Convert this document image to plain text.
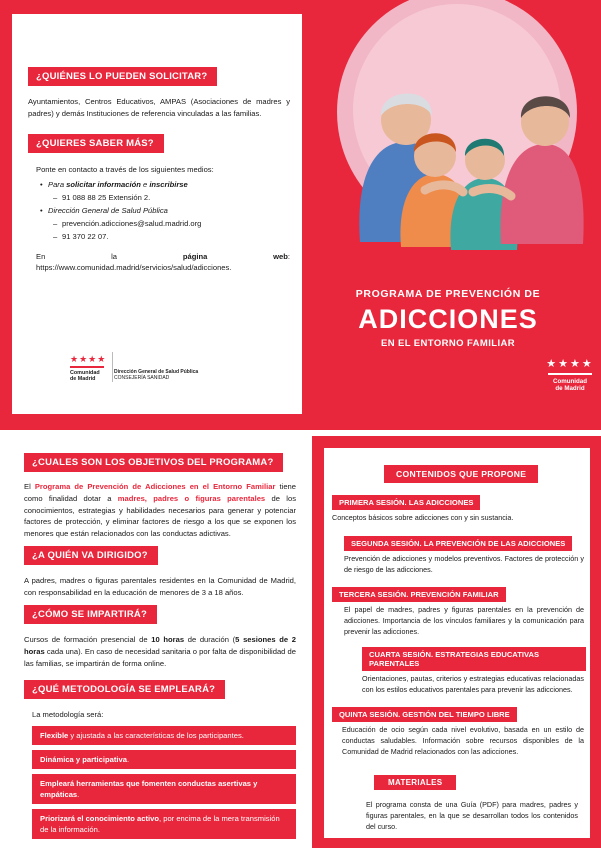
PROGRAMA DE PREVENCIÓN DE
ADICCIONES
EN EL ENTORNO FAMILIAR
★★★★
Comunidad
de Madrid
¿QUIÉNES LO PUEDEN SOLICITAR?
Ayuntamientos, Centros Educativos, AMPAS (Asociaciones de madres y padres) y demás Instituciones de referencia vinculadas a las familias.
¿QUIERES SABER MÁS?
Ponte en contacto a través de los siguientes medios:
• Para solicitar información e inscribirse
– 91 088 88 25 Extensión 2.
• Dirección General de Salud Pública
– prevención.adicciones@salud.madrid.org
– 91 370 22 07.
En la página web: https://www.comunidad.madrid/servicios/salud/adicciones.
★★★★
Comunidad
de Madrid
Dirección General de Salud Pública
CONSEJERÍA SANIDAD
¿CUALES SON LOS OBJETIVOS DEL PROGRAMA?
El Programa de Prevención de Adicciones en el Entorno Familiar tiene como finalidad dotar a madres, padres o figuras parentales de los conocimientos, estrategias y habilidades necesarios para generar y potenciar factores de protección, y eliminar factores de riesgo a los que se exponen los menores que están relacionados con las conductas adictivas.
¿A QUIÉN VA DIRIGIDO?
A padres, madres o figuras parentales residentes en la Comunidad de Madrid, con responsabilidad en la educación de menores de 3 a 18 años.
¿CÓMO SE IMPARTIRÁ?
Cursos de formación presencial de 10 horas de duración (5 sesiones de 2 horas cada una). En caso de necesidad sanitaria o por falta de disponibilidad de las familias, se impartirán de forma online.
¿QUÉ METODOLOGÍA SE EMPLEARÁ?
La metodología será:
Flexible y ajustada a las características de los participantes.
Dinámica y participativa.
Empleará herramientas que fomenten conductas asertivas y empáticas.
Priorizará el conocimiento activo, por encima de la mera transmisión de la información.
CONTENIDOS QUE PROPONE
PRIMERA SESIÓN. LAS ADICCIONES
Conceptos básicos sobre adicciones con y sin sustancia.
SEGUNDA SESIÓN. LA PREVENCIÓN DE LAS ADICCIONES
Prevención de adicciones y modelos preventivos. Factores de protección y de riesgo de las adicciones.
TERCERA SESIÓN. PREVENCIÓN FAMILIAR
El papel de madres, padres y figuras parentales en la prevención de adicciones. Importancia de los vínculos familiares y la comunicación para prevenir las adicciones.
CUARTA SESIÓN. ESTRATEGIAS EDUCATIVAS PARENTALES
Orientaciones, pautas, criterios y estrategias educativas relacionadas con los estilos educativos parentales para prevenir las adicciones.
QUINTA SESIÓN. GESTIÓN DEL TIEMPO LIBRE
Educación de ocio según cada nivel evolutivo, basada en un estilo de conductas saludables. Información sobre recursos disponibles de la Comunidad de Madrid relacionados con las adicciones.
MATERIALES
El programa consta de una Guía (PDF) para madres, padres y figuras parentales, en la que se desarrollan todos los contenidos del curso.
